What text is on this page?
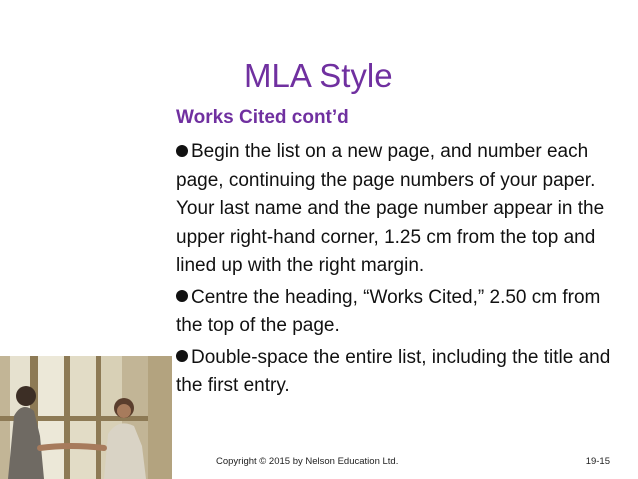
MLA Style
Works Cited cont’d
Begin the list on a new page, and number each page, continuing the page numbers of your paper. Your last name and the page number appear in the upper right-hand corner, 1.25 cm from the top and lined up with the right margin.
Centre the heading, “Works Cited,” 2.50 cm from the top of the page.
Double-space the entire list, including the title and the first entry.
Copyright © 2015 by Nelson Education Ltd.	19-15
